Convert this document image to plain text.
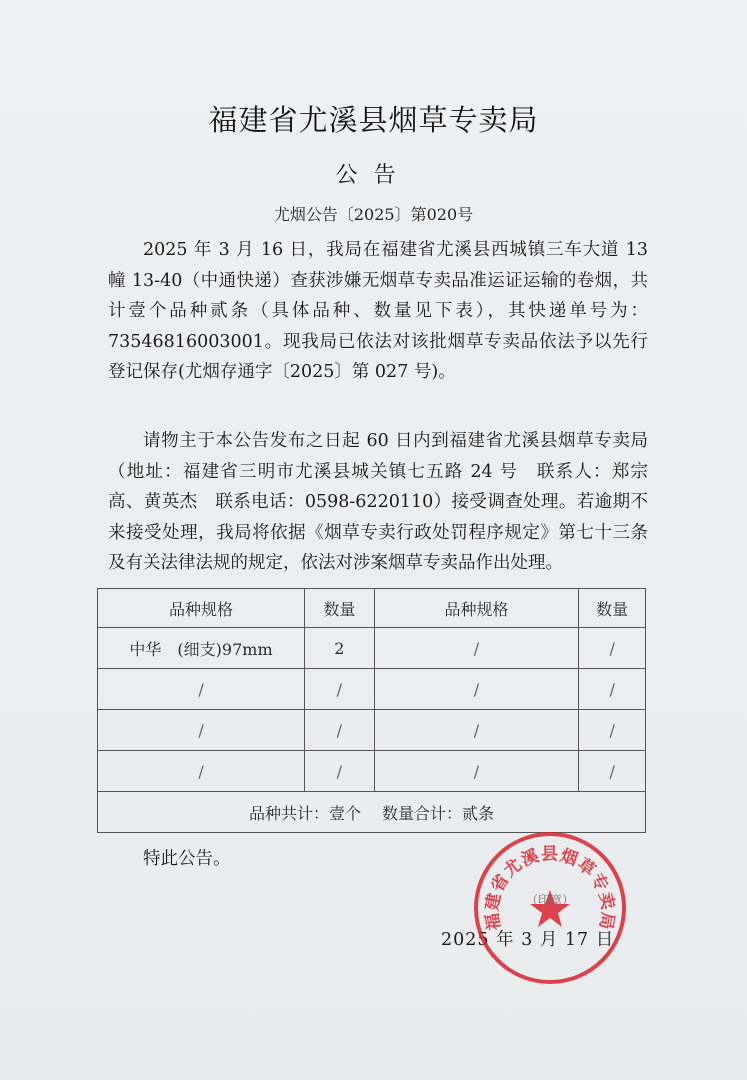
福建省尤溪县烟草专卖局
公告
尤烟公告〔2025〕第020号

2025 年 3 月 16 日，我局在福建省尤溪县西城镇三车大道 13 幢 13-40（中通快递）查获涉嫌无烟草专卖品准运证运输的卷烟，共计壹个品种贰条（具体品种、数量见下表），其快递单号为：73546816003001。现我局已依法对该批烟草专卖品依法予以先行登记保存(尤烟存通字〔2025〕第 027 号)。

请物主于本公告发布之日起 60 日内到福建省尤溪县烟草专卖局（地址：福建省三明市尤溪县城关镇七五路 24 号　联系人：郑宗高、黄英杰　联系电话：0598-6220110）接受调查处理。若逾期不来接受处理，我局将依据《烟草专卖行政处罚程序规定》第七十三条及有关法律法规的规定，依法对涉案烟草专卖品作出处理。

品种规格	数量	品种规格	数量
中华　(细支)97mm	2	/	/
/	/	/	/
/	/	/	/
/	/	/	/
品种共计：壹个　 数量合计：贰条			
特此公告。
2025 年 3 月 17 日
福建省尤溪县烟草专卖局
（印章）
